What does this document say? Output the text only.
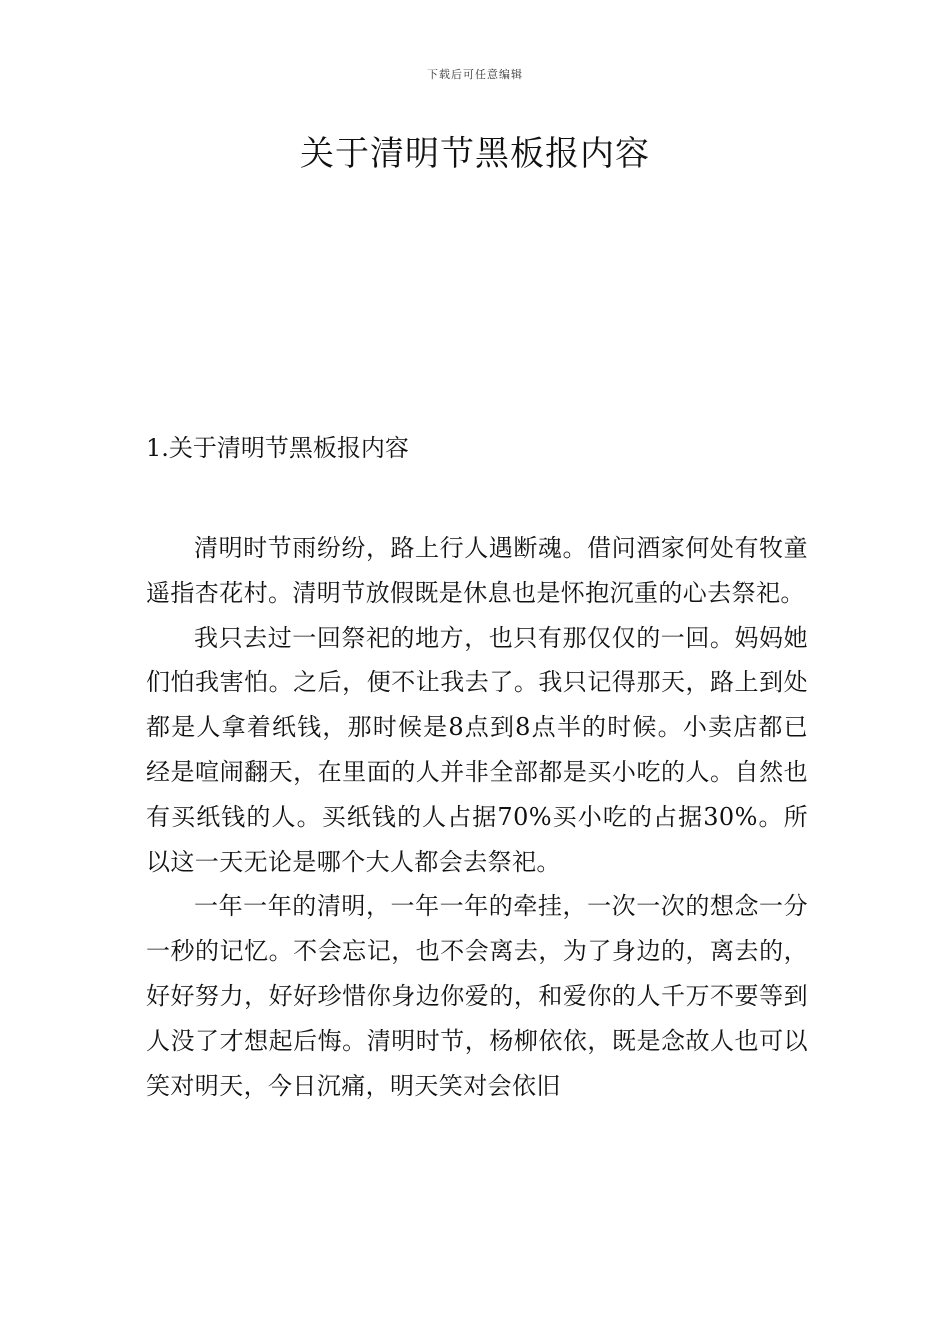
下载后可任意编辑
关于清明节黑板报内容
1.关于清明节黑板报内容

清明时节雨纷纷，路上行人遇断魂。借问酒家何处有牧童遥指杏花村。清明节放假既是休息也是怀抱沉重的心去祭祀。

我只去过一回祭祀的地方，也只有那仅仅的一回。妈妈她们怕我害怕。之后，便不让我去了。我只记得那天，路上到处都是人拿着纸钱，那时候是8点到8点半的时候。小卖店都已经是喧闹翻天，在里面的人并非全部都是买小吃的人。自然也有买纸钱的人。买纸钱的人占据70%买小吃的占据30%。所以这一天无论是哪个大人都会去祭祀。

一年一年的清明，一年一年的牵挂，一次一次的想念一分一秒的记忆。不会忘记，也不会离去，为了身边的，离去的，好好努力，好好珍惜你身边你爱的，和爱你的人千万不要等到人没了才想起后悔。清明时节，杨柳依依，既是念故人也可以笑对明天，今日沉痛，明天笑对会依旧
